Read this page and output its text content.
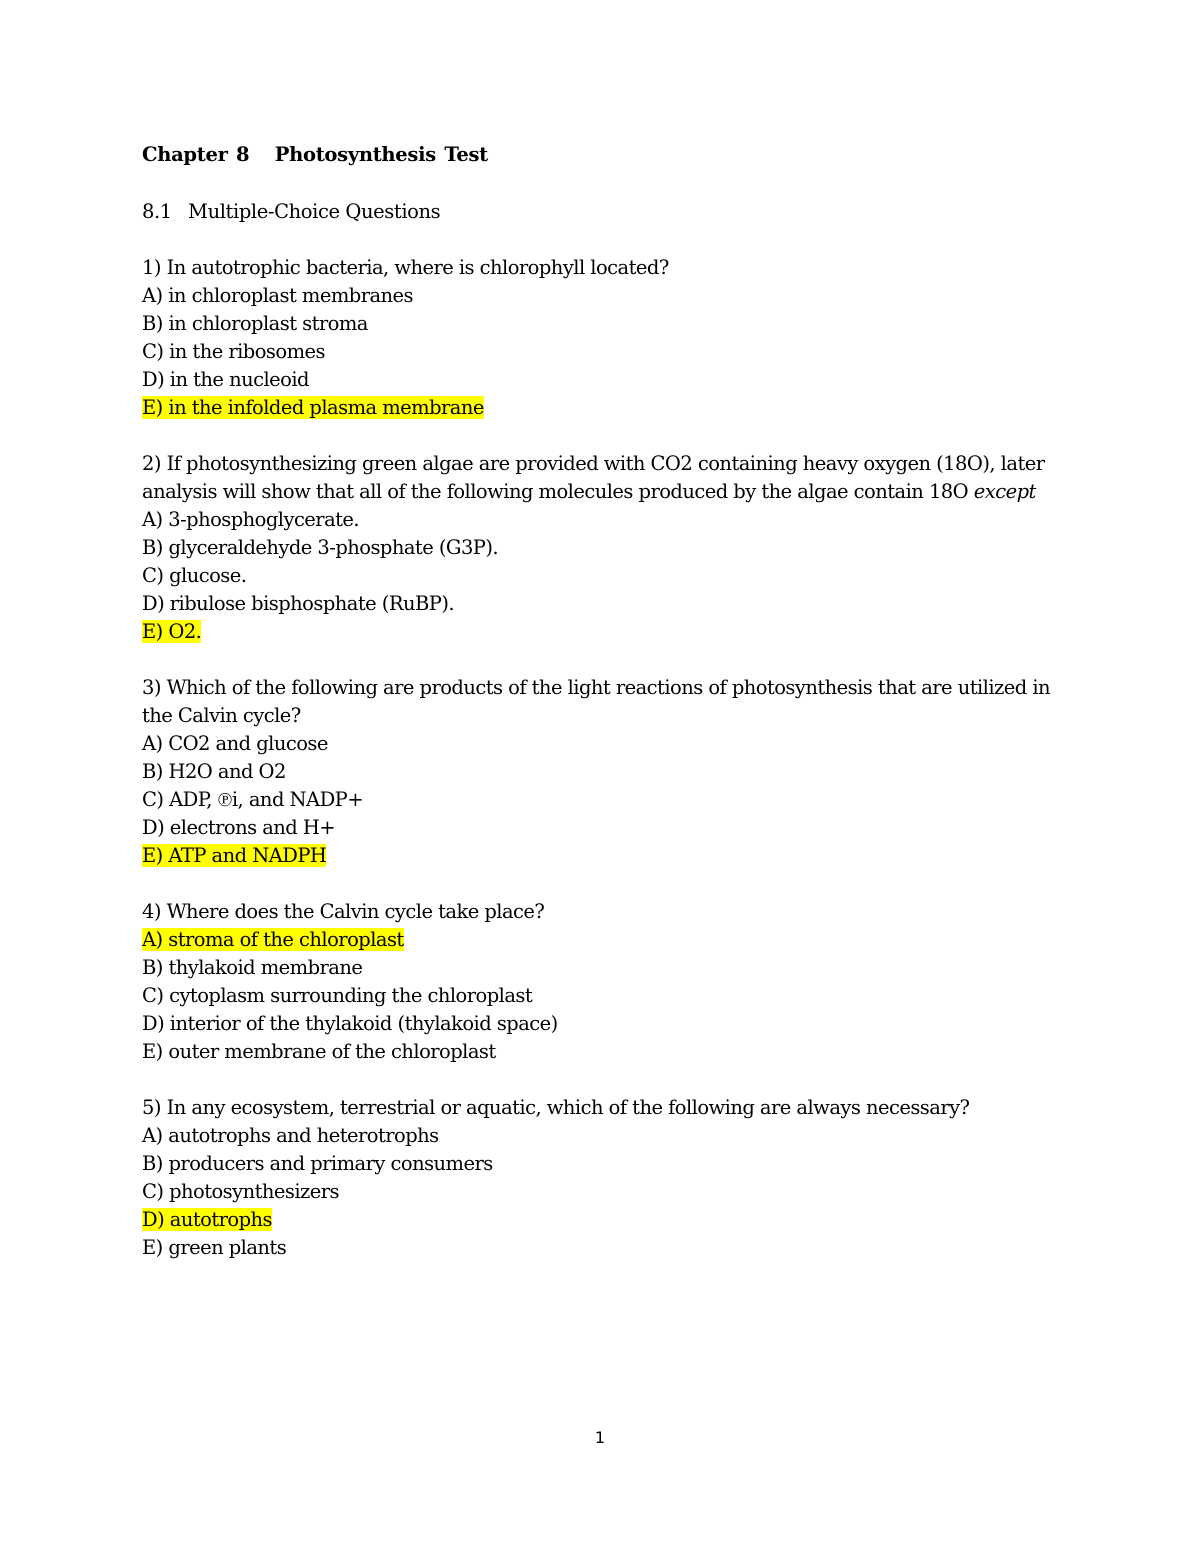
Chapter 8   Photosynthesis Test

8.1 Multiple-Choice Questions

1) In autotrophic bacteria, where is chlorophyll located?
A) in chloroplast membranes
B) in chloroplast stroma
C) in the ribosomes
D) in the nucleoid
E) in the infolded plasma membrane
2) If photosynthesizing green algae are provided with CO2 containing heavy oxygen (18O), later
analysis will show that all of the following molecules produced by the algae contain 18O except
A) 3-phosphoglycerate.
B) glyceraldehyde 3-phosphate (G3P).
C) glucose.
D) ribulose bisphosphate (RuBP).
E) O2.
3) Which of the following are products of the light reactions of photosynthesis that are utilized in
the Calvin cycle?
A) CO2 and glucose
B) H2O and O2
C) ADP, ℗i, and NADP+
D) electrons and H+
E) ATP and NADPH
4) Where does the Calvin cycle take place?
A) stroma of the chloroplast
B) thylakoid membrane
C) cytoplasm surrounding the chloroplast
D) interior of the thylakoid (thylakoid space)
E) outer membrane of the chloroplast
5) In any ecosystem, terrestrial or aquatic, which of the following are always necessary?
A) autotrophs and heterotrophs
B) producers and primary consumers
C) photosynthesizers
D) autotrophs
E) green plants
1
